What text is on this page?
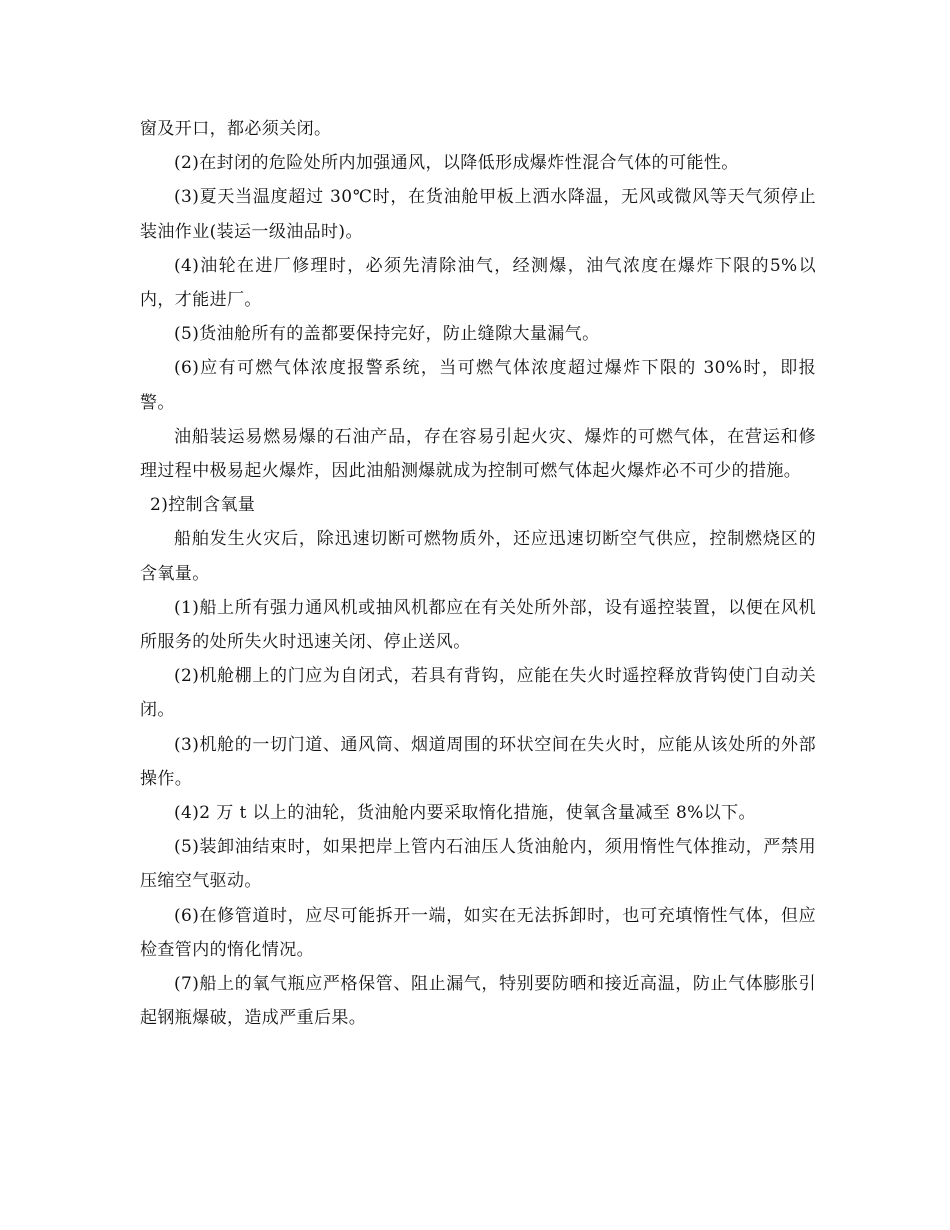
窗及开口，都必须关闭。

(2)在封闭的危险处所内加强通风，以降低形成爆炸性混合气体的可能性。

(3)夏天当温度超过 30℃时，在货油舱甲板上洒水降温，无风或微风等天气须停止装油作业(装运一级油品时)。

(4)油轮在进厂修理时，必须先清除油气，经测爆，油气浓度在爆炸下限的5%以内，才能进厂。

(5)货油舱所有的盖都要保持完好，防止缝隙大量漏气。

(6)应有可燃气体浓度报警系统，当可燃气体浓度超过爆炸下限的 30%时，即报警。

油船装运易燃易爆的石油产品，存在容易引起火灾、爆炸的可燃气体，在营运和修理过程中极易起火爆炸，因此油船测爆就成为控制可燃气体起火爆炸必不可少的措施。

2)控制含氧量

船舶发生火灾后，除迅速切断可燃物质外，还应迅速切断空气供应，控制燃烧区的含氧量。

(1)船上所有强力通风机或抽风机都应在有关处所外部，设有遥控装置，以便在风机所服务的处所失火时迅速关闭、停止送风。

(2)机舱棚上的门应为自闭式，若具有背钩，应能在失火时遥控释放背钩使门自动关闭。

(3)机舱的一切门道、通风筒、烟道周围的环状空间在失火时，应能从该处所的外部操作。

(4)2 万 t 以上的油轮，货油舱内要采取惰化措施，使氧含量减至 8%以下。

(5)装卸油结束时，如果把岸上管内石油压人货油舱内，须用惰性气体推动，严禁用压缩空气驱动。

(6)在修管道时，应尽可能拆开一端，如实在无法拆卸时，也可充填惰性气体，但应检查管内的惰化情况。

(7)船上的氧气瓶应严格保管、阻止漏气，特别要防晒和接近高温，防止气体膨胀引起钢瓶爆破，造成严重后果。
